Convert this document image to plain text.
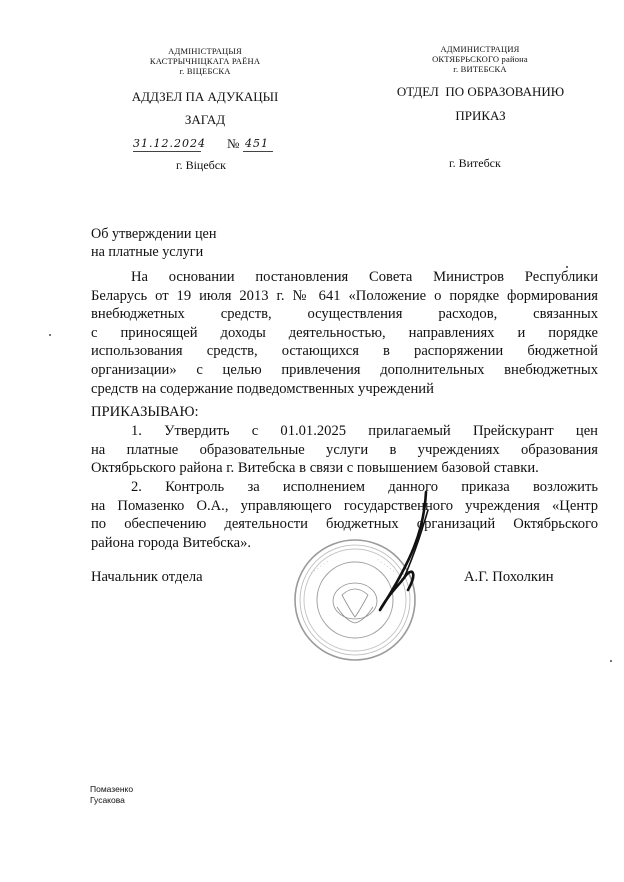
АДМІНІСТРАЦЫЯ
КАСТРЫЧНІЦКАГА РАЁНА
г. ВІЦЕБСКА
АДДЗЕЛ ПА АДУКАЦЫІ
ЗАГАД
31.12.2024 № 451
г. Віцебск
АДМИНИСТРАЦИЯ
ОКТЯБРЬСКОГО района
г. ВИТЕБСКА
ОТДЕЛ  ПО ОБРАЗОВАНИЮ
ПРИКАЗ
г. Витебск
Об утверждении цен
на платные услуги
На основании постановления Совета Министров Республики
Беларусь от 19 июля 2013 г. № 641 «Положение о порядке формирования
внебюджетных средств, осуществления расходов, связанных
с приносящей доходы деятельностью, направлениях и порядке
использования средств, остающихся в распоряжении бюджетной
организации» с целью привлечения дополнительных внебюджетных
средств на содержание подведомственных учреждений
ПРИКАЗЫВАЮ:
1. Утвердить с 01.01.2025 прилагаемый Прейскурант цен
на платные образовательные услуги в учреждениях образования
Октябрьского района г. Витебска в связи с повышением базовой ставки.
2. Контроль за исполнением данного приказа возложить
на Помазенко О.А., управляющего государственного учреждения «Центр
по обеспечению деятельности бюджетных организаций Октябрьского
района города Витебска».
· · · · · ·	· · · · · ·
Начальник отдела	А.Г. Похолкин
Помазенко
Гусакова
